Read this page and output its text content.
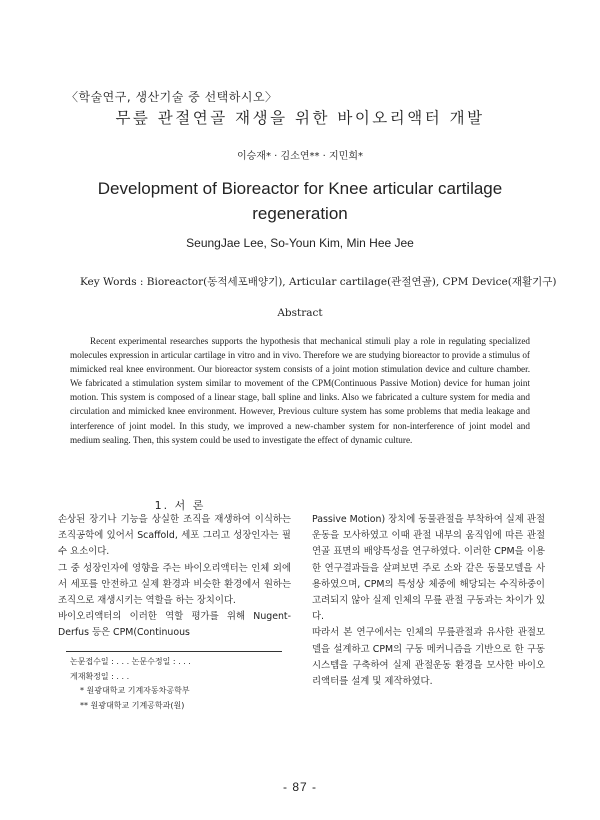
〈학술연구, 생산기술 중 선택하시오〉
무릎 관절연골 재생을 위한 바이오리액터 개발
이승재* · 김소연** · 지민희*
Development of Bioreactor for Knee articular cartilage
regeneration
SeungJae Lee, So-Youn Kim, Min Hee Jee
Key Words : Bioreactor(동적세포배양기), Articular cartilage(관절연골), CPM Device(재활기구)
Abstract
Recent experimental researches supports the hypothesis that mechanical stimuli play a role in regulating specialized molecules expression in articular cartilage in vitro and in vivo. Therefore we are studying bioreactor to provide a stimulus of mimicked real knee environment. Our bioreactor system consists of a joint motion stimulation device and culture chamber. We fabricated a stimulation system similar to movement of the CPM(Continuous Passive Motion) device for human joint motion. This system is composed of a linear stage, ball spline and links. Also we fabricated a culture system for media and circulation and mimicked knee environment. However, Previous culture system has some problems that media leakage and interference of joint model. In this study, we improved a new-chamber system for non-interference of joint model and medium sealing. Then, this system could be used to investigate the effect of dynamic culture.
1. 서 론

손상된 장기나 기능을 상실한 조직을 재생하여 이식하는 조직공학에 있어서 Scaffold, 세포 그리고 성장인자는 필수 요소이다.

그 중 성장인자에 영향을 주는 바이오리액터는 인체 외에서 세포를 안전하고 실제 환경과 비슷한 환경에서 원하는 조직으로 재생시키는 역할을 하는 장치이다.

바이오리액터의 이러한 역할 평가를 위해 Nugent-Derfus 등은 CPM(Continuous

Passive Motion) 장치에 동물관절을 부착하여 실제 관절운동을 모사하였고 이때 관절 내부의 움직임에 따른 관절연골 표면의 배양특성을 연구하였다. 이러한 CPM을 이용한 연구결과들을 살펴보면 주로 소와 같은 동물모델을 사용하였으며, CPM의 특성상 체중에 해당되는 수직하중이 고려되지 않아 실제 인체의 무릎 관절 구동과는 차이가 있다.

따라서 본 연구에서는 인체의 무릎관절과 유사한 관절모델을 설계하고 CPM의 구동 메커니즘을 기반으로 한 구동시스템을 구축하여 실제 관절운동 환경을 모사한 바이오리액터를 설계 및 제작하였다.

논문접수일 : . . . 논문수정일 : . . .

게재확정일 : . . .

* 원광대학교 기계자동차공학부

** 원광대학교 기계공학과(원)

- 87 -
